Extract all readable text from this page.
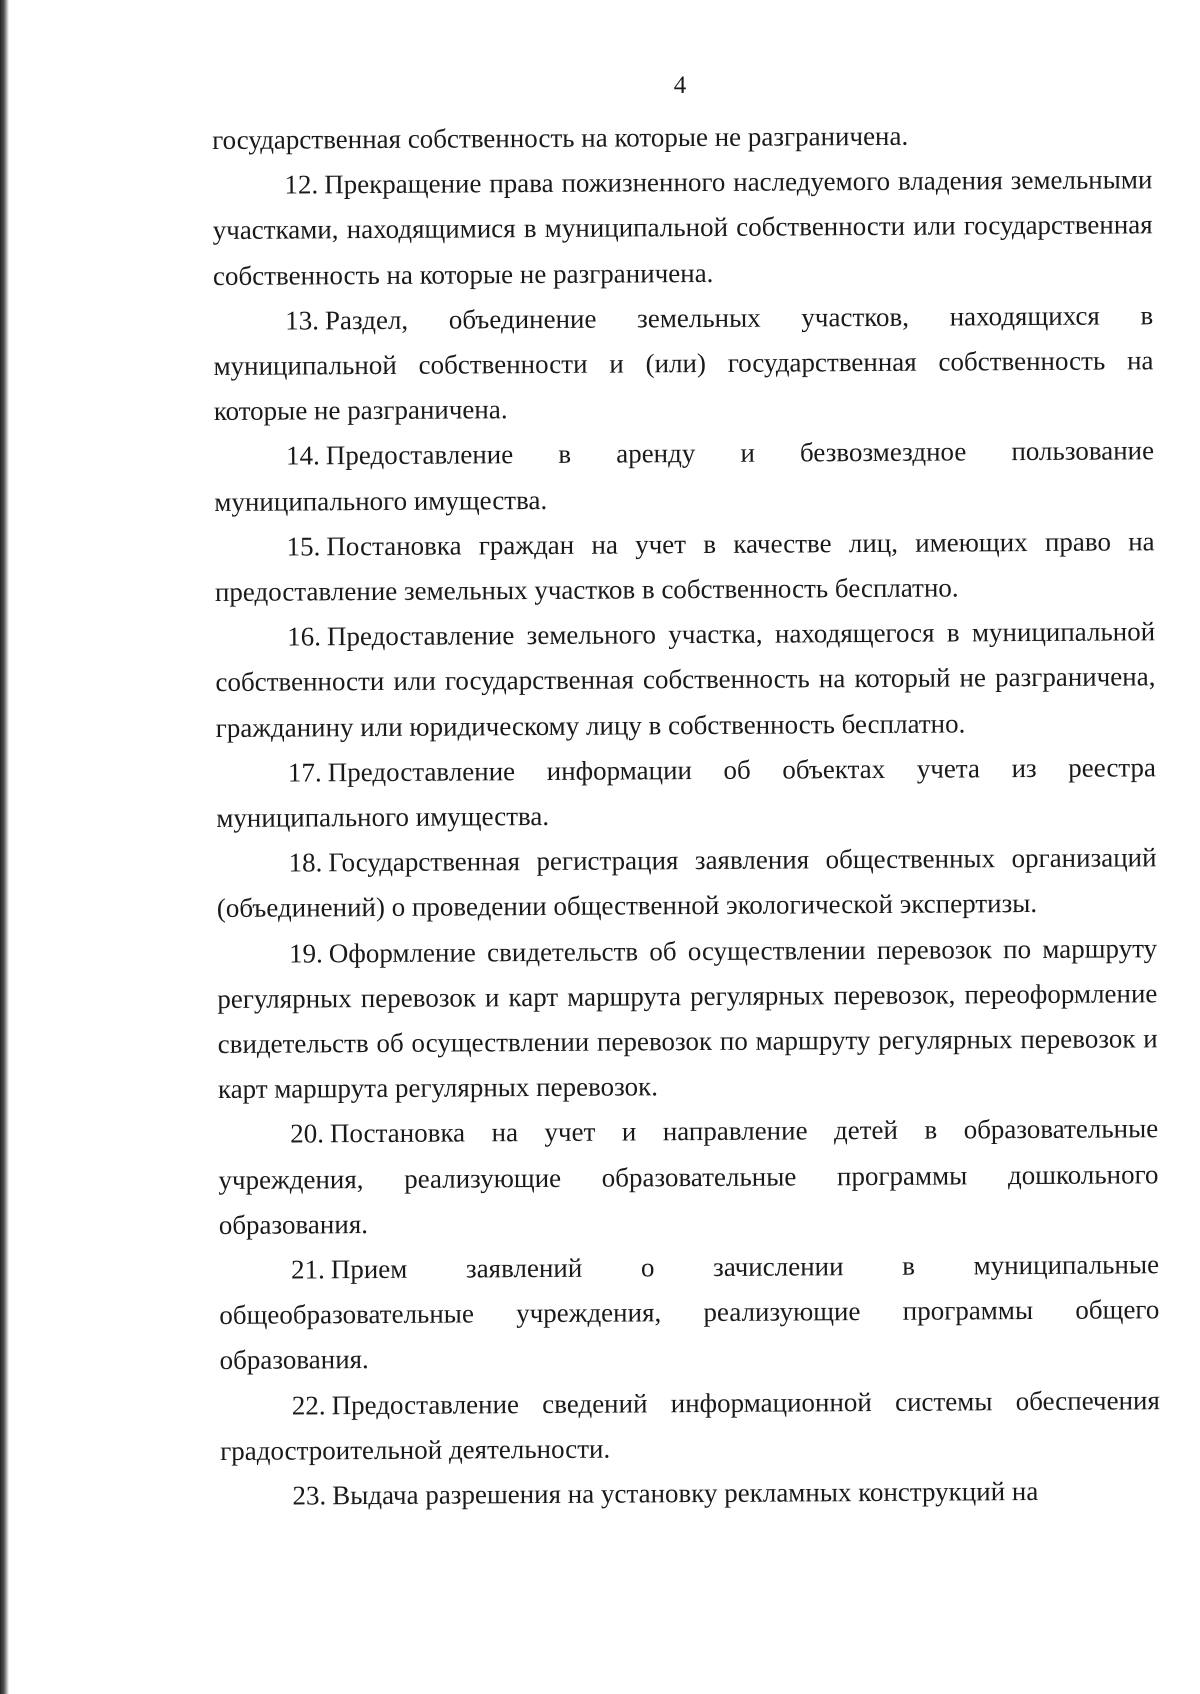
4

государственная собственность на которые не разграничена.

12. Прекращение права пожизненного наследуемого владения земельными участками, находящимися в муниципальной собственности или государственная собственность на которые не разграничена.

13. Раздел, объединение земельных участков, находящихся в муниципальной собственности и (или) государственная собственность на которые не разграничена.

14. Предоставление в аренду и безвозмездное пользование муниципального имущества.

15. Постановка граждан на учет в качестве лиц, имеющих право на предоставление земельных участков в собственность бесплатно.

16. Предоставление земельного участка, находящегося в муниципальной собственности или государственная собственность на который не разграничена, гражданину или юридическому лицу в собственность бесплатно.

17. Предоставление информации об объектах учета из реестра муниципального имущества.

18. Государственная регистрация заявления общественных организаций (объединений) о проведении общественной экологической экспертизы.

19. Оформление свидетельств об осуществлении перевозок по маршруту регулярных перевозок и карт маршрута регулярных перевозок, переоформление свидетельств об осуществлении перевозок по маршруту регулярных перевозок и карт маршрута регулярных перевозок.

20. Постановка на учет и направление детей в образовательные учреждения, реализующие образовательные программы дошкольного образования.

21. Прием заявлений о зачислении в муниципальные общеобразовательные учреждения, реализующие программы общего образования.

22. Предоставление сведений информационной системы обеспечения градостроительной деятельности.

23. Выдача разрешения на установку рекламных конструкций на
